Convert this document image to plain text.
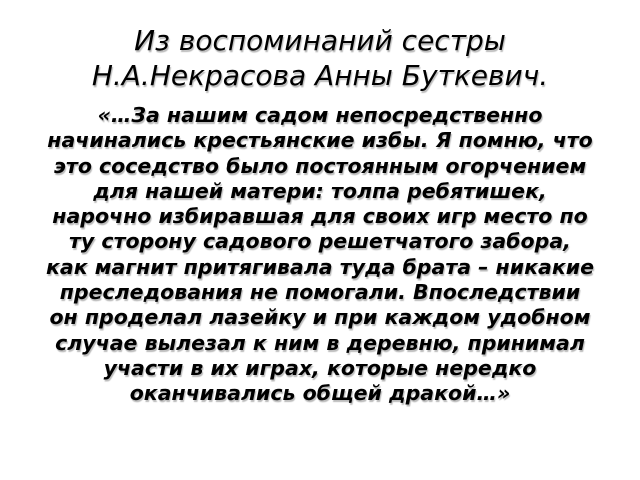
Из воспоминаний сестры
Н.А.Некрасова Анны Буткевич.
«…За нашим садом непосредственно
начинались крестьянские избы. Я помню, что
это соседство было постоянным огорчением
для нашей матери: толпа ребятишек,
нарочно избиравшая для своих игр место по
ту сторону садового решетчатого забора,
как магнит притягивала туда брата – никакие
преследования не помогали. Впоследствии
он проделал лазейку и при каждом удобном
случае вылезал к ним в деревню, принимал
участи в их играх, которые нередко
оканчивались общей дракой…»
